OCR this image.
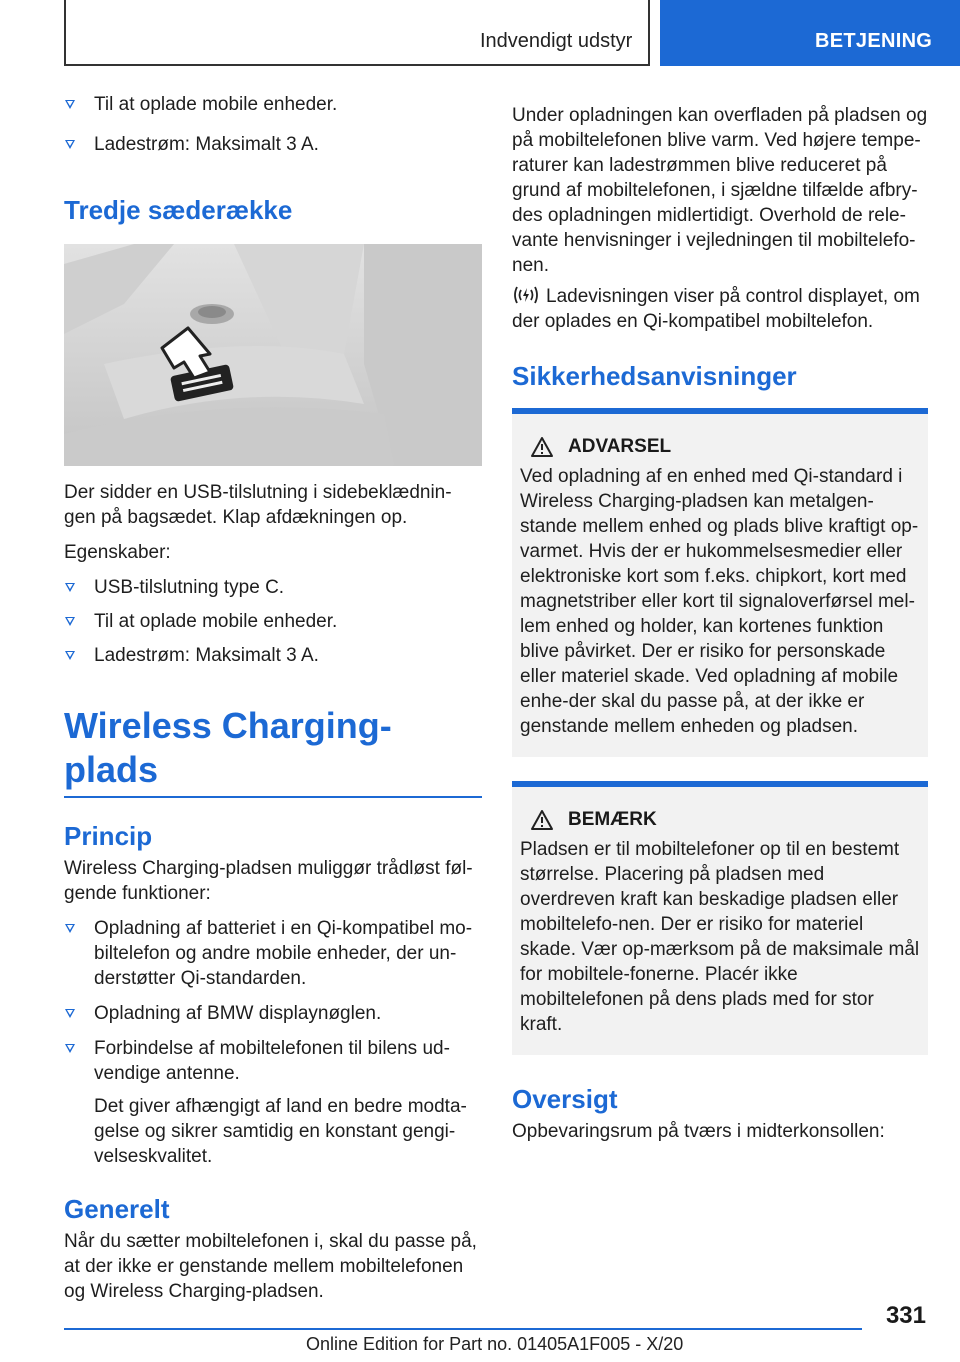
Indvendigt udstyr	BETJENING
Til at oplade mobile enheder.
Ladestrøm: Maksimalt 3 A.
Tredje sæderække

Der sidder en USB-tilslutning i sidebeklædnin-gen på bagsædet. Klap afdækningen op.

Egenskaber:

USB-tilslutning type C.
Til at oplade mobile enheder.
Ladestrøm: Maksimalt 3 A.
Wireless Charging-plads
Princip

Wireless Charging-pladsen muliggør trådløst føl-gende funktioner:

Opladning af batteriet i en Qi-kompatibel mo-biltelefon og andre mobile enheder, der un-derstøtter Qi-standarden.
Opladning af BMW displaynøglen.
Forbindelse af mobiltelefonen til bilens ud-vendige antenne.

Det giver afhængigt af land en bedre modta-gelse og sikrer samtidig en konstant gengi-velseskvalitet.

Generelt

Når du sætter mobiltelefonen i, skal du passe på, at der ikke er genstande mellem mobiltelefonen og Wireless Charging-pladsen.

Under opladningen kan overfladen på pladsen og på mobiltelefonen blive varm. Ved højere tempe-raturer kan ladestrømmen blive reduceret på grund af mobiltelefonen, i sjældne tilfælde afbry-des opladningen midlertidigt. Overhold de rele-vante henvisninger i vejledningen til mobiltelefo-nen.

Ladevisningen viser på control displayet, om der oplades en Qi-kompatibel mobiltelefon.

Sikkerhedsanvisninger
ADVARSEL

Ved opladning af en enhed med Qi-standard i Wireless Charging-pladsen kan metalgen-stande mellem enhed og plads blive kraftigt op-varmet. Hvis der er hukommelsesmedier eller elektroniske kort som f.eks. chipkort, kort med magnetstriber eller kort til signaloverførsel mel-lem enhed og holder, kan kortenes funktion blive påvirket. Der er risiko for personskade eller materiel skade. Ved opladning af mobile enhe-der skal du passe på, at der ikke er genstande mellem enheden og pladsen.

BEMÆRK

Pladsen er til mobiltelefoner op til en bestemt størrelse. Placering på pladsen med overdreven kraft kan beskadige pladsen eller mobiltelefo-nen. Der er risiko for materiel skade. Vær op-mærksom på de maksimale mål for mobiltele-fonerne. Placér ikke mobiltelefonen på dens plads med for stor kraft.

Oversigt

Opbevaringsrum på tværs i midterkonsollen:

331
Online Edition for Part no. 01405A1F005 - X/20
